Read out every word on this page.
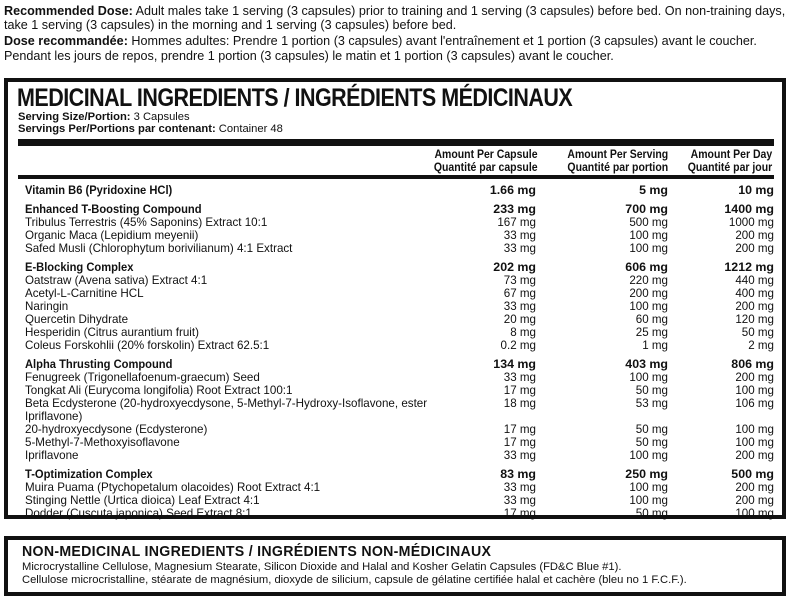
Recommended Dose: Adult males take 1 serving (3 capsules) prior to training and 1 serving (3 capsules) before bed. On non-training days, take 1 serving (3 capsules) in the morning and 1 serving (3 capsules) before bed.

Dose recommandée: Hommes adultes: Prendre 1 portion (3 capsules) avant l'entraînement et 1 portion (3 capsules) avant le coucher. Pendant les jours de repos, prendre 1 portion (3 capsules) le matin et 1 portion (3 capsules) avant le coucher.

MEDICINAL INGREDIENTS / INGRÉDIENTS MÉDICINAUX
Serving Size/Portion: 3 Capsules
Servings Per/Portions par contenant: Container 48
Amount Per Capsule
Quantité par capsule
Amount Per Serving
Quantité par portion
Amount Per Day
Quantité par jour
Vitamin B6 (Pyridoxine HCl)	1.66 mg	5 mg	10 mg
Enhanced T-Boosting Compound	233 mg	700 mg	1400 mg
Tribulus Terrestris (45% Saponins) Extract 10:1	167 mg	500 mg	1000 mg
Organic Maca (Lepidium meyenii)	33 mg	100 mg	200 mg
Safed Musli (Chlorophytum borivilianum) 4:1 Extract	33 mg	100 mg	200 mg
E-Blocking Complex	202 mg	606 mg	1212 mg
Oatstraw (Avena sativa) Extract 4:1	73 mg	220 mg	440 mg
Acetyl-L-Carnitine HCL	67 mg	200 mg	400 mg
Naringin	33 mg	100 mg	200 mg
Quercetin Dihydrate	20 mg	60 mg	120 mg
Hesperidin (Citrus aurantium fruit)	8 mg	25 mg	50 mg
Coleus Forskohlii (20% forskolin) Extract 62.5:1	0.2 mg	1 mg	2 mg
Alpha Thrusting Compound	134 mg	403 mg	806 mg
Fenugreek (Trigonellafoenum-graecum) Seed	33 mg	100 mg	200 mg
Tongkat Ali (Eurycoma longifolia) Root Extract 100:1	17 mg	50 mg	100 mg
Beta Ecdysterone (20-hydroxyecdysone, 5-Methyl-7-Hydroxy-Isoflavone, ester Ipriflavone)
18 mg	53 mg	106 mg
20-hydroxyecdysone (Ecdysterone)	17 mg	50 mg	100 mg
5-Methyl-7-Methoxyisoflavone	17 mg	50 mg	100 mg
Ipriflavone	33 mg	100 mg	200 mg
T-Optimization Complex	83 mg	250 mg	500 mg
Muira Puama (Ptychopetalum olacoides) Root Extract 4:1	33 mg	100 mg	200 mg
Stinging Nettle (Urtica dioica) Leaf Extract 4:1	33 mg	100 mg	200 mg
Dodder (Cuscuta japonica) Seed Extract 8:1	17 mg	50 mg	100 mg
NON-MEDICINAL INGREDIENTS / INGRÉDIENTS NON-MÉDICINAUX
Microcrystalline Cellulose, Magnesium Stearate, Silicon Dioxide and Halal and Kosher Gelatin Capsules (FD&C Blue #1).
Cellulose microcristalline, stéarate de magnésium, dioxyde de silicium, capsule de gélatine certifiée halal et cachère (bleu no 1 F.C.F.).
